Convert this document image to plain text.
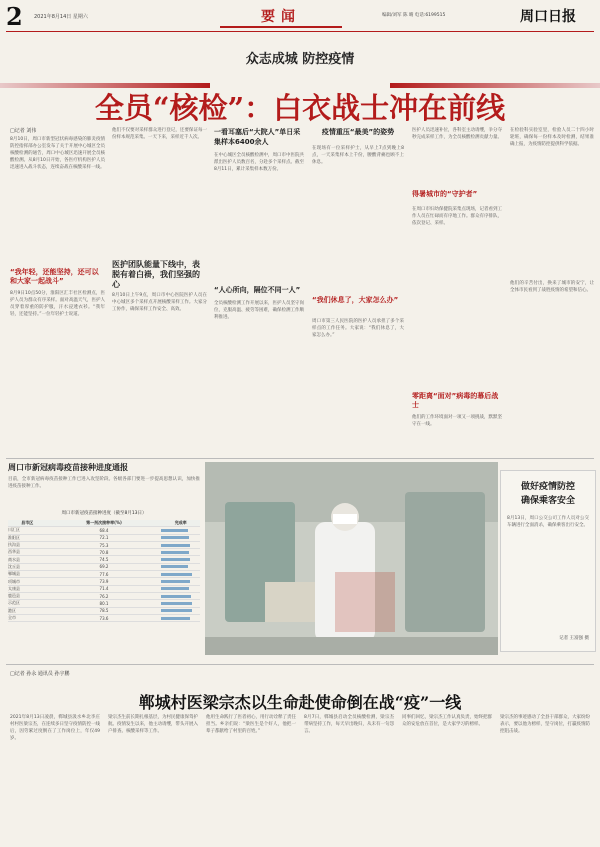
2 2021年8月14日 星期六	要闻	编辑/刘军 陈 晴 电话:6199515	周口日报
众志成城 防控疫情
全员“核检”：白衣战士冲在前线
□记者 刘伟
8月10日，周口市新型冠状病毒感染的肺炎疫情防控指挥部办公室发布了关于开展中心城区全员核酸检测的通告，周口中心城区迅速开展全员核酸检测。从8月10日开始，各医疗机构医护人员迅速进入战斗状态，连续奋战在核酸采样一线。
“我年轻，还能坚持，还可以和大家一起战斗”
8月9日10点50分，淮阳区汇丰社区检测点，医护人员为群众有序采样。面对高温天气，医护人员穿着厚重的防护服，汗水浸透衣衫。“我年轻，还能坚持。”一位年轻护士说道。
他们不仅要对采样群众进行登记，还要保证每一份样本规范采集。一天下来，采样近千人次。
医护团队能量下线中，表脱有着白褂，我们坚强的心
8月10日上午9点，周口市中心医院医护人员在中心城区多个采样点开展核酸采样工作。大家分工协作，确保采样工作安全、高效。
一看耳塞后“大院人”单日采集样本6400余人
在中心城区全员核酸检测中，周口市中医院共派出医护人员数百名，分赴多个采样点。截至8月11日，累计采集样本数万份。
“人心所向，隔位不同一人”
全员核酸检测工作开展以来，医护人员坚守岗位，克服高温、疲劳等困难，确保检测工作顺利推进。
疫情重压“最美”的姿势
在现场有一位采样护士，从早上7点到晚上8点，一天采集样本上千份，腰酸背痛也顾不上休息。
“我们休息了，大家怎么办”
周口市第三人民医院的医护人员承担了多个采样点的工作任务。大家说：“我们休息了，大家怎么办。”
医护人员迅速补位，各科室主动请缨，争分夺秒完成采样工作，为全员核酸检测贡献力量。
得暑城市的“守护者”
在周口市妇幼保健院采集点现场，记者看到工作人员在忙碌而有序地工作。群众有序排队，依次登记、采样。
零距离“面对”病毒的幕后战士
他们的工作环境面对一项又一项挑战，默默坚守在一线。
在检验科实验室里，检验人员二十四小时轮班，确保每一份样本及时检测，结果准确上报，为疫情防控提供科学依据。
他们的辛苦付出，换来了城市的安宁，让全体市民看到了战胜疫情的希望和信心。
周口市新冠病毒疫苗接种进度通报
目前，全市新冠病毒疫苗接种工作已进入攻坚阶段。各级各部门要进一步提高思想认识，加快推进疫苗接种工作。
周口市新冠疫苗接种进度（截至8月13日）
县市区	第一剂次接种率(%)	完成率
川汇区	68.4	

淮阳区	72.1	

扶沟县	75.3	

西华县	70.8	

商水县	74.5	

沈丘县	69.2	

郸城县	77.6	

项城市	73.9	

太康县	71.4	

鹿邑县	76.2	

示范区	80.1	

港区	78.5	

全市	73.6	
做好疫情防控
确保乘客安全
8月13日，周口公交公司工作人员对公交车辆进行全面消杀，确保乘客出行安全。
记者 王富强 摄
□记者 孙永 通讯员 孙宇鹏
郸城村医梁宗杰以生命赴使命倒在战“疫”一线
2021年8月13日凌晨，郸城县汲水乡北李庄村村医梁宗杰，在连续多日坚守疫情防控一线后，因劳累过度倒在了工作岗位上，年仅49岁。
梁宗杰生前长期扎根基层，为村民健康保驾护航。疫情发生以来，他主动请缨，带头开展入户排查、核酸采样等工作。
他用生命践行了医者初心，用行动诠释了责任担当。乡亲们说：“梁医生是个好人，他把一辈子都献给了村里的百姓。”
8月7日，郸城县启动全员核酸检测，梁宗杰带病坚持工作，每天早出晚归，从未有一句怨言。
同事们回忆，梁宗杰工作认真负责，始终把群众的安危放在首位，是大家学习的榜样。
梁宗杰的事迹感动了全县干部群众，大家纷纷表示，要以他为榜样，坚守岗位，打赢疫情防控阻击战。
